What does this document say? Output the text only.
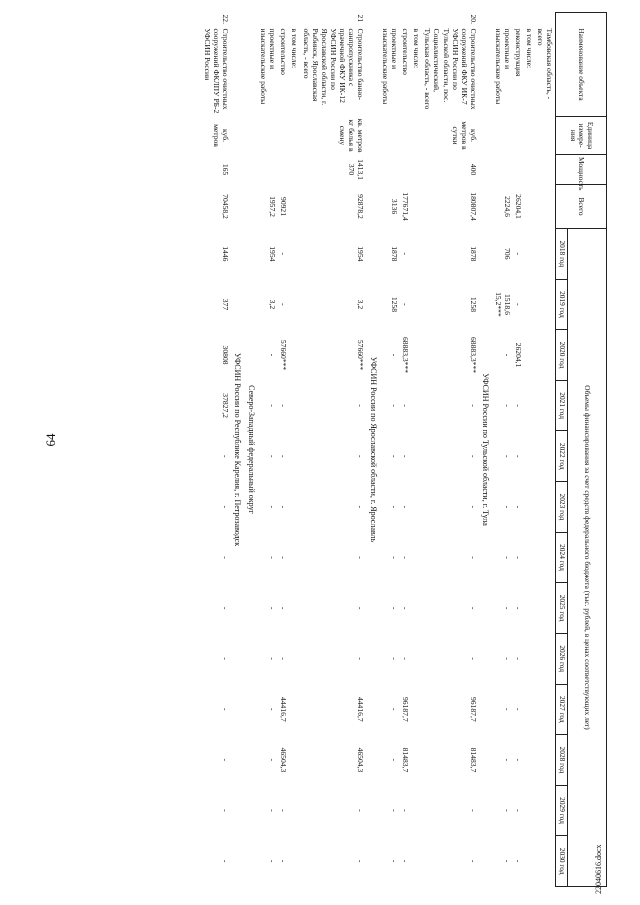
64
Наименование объекта		Единица измере-ния	Мощность	Всего	Объемы финансирования за счет средств федерального бюджета (тыс. рублей, в ценах соответствующих лет)												
					2018 год	2019 год	2020 год	2021 год	2022 год	2023 год	2024 год	2025 год	2026 год	2027 год	2028 год	2029 год	2030 год
	Тамбовская область, - всего																
	в том числе:																
	реконструкция			26204,1	-	-	26204,1	-	-	-	-	-	-	-	-	-	-
	проектные и изыскательские работы			2224,6	706	1518,6 15,2***	-	-	-	-	-	-	-	-	-	-	-
УФСИН России по Тульской области, г. Тула																	
20.	Строительство очистных сооружений ФКУ ИК-7 УФСИН России по Тульской области, пос. Социалистический, Тульская область, - всего	куб. метров в сутки	400	180807,4	1878	1258	68883,3***	-	-	-	-	-	-	96187,7	81483,7	-	-
	в том числе:																
	строительство			177671,4	-	-	68883,3***	-	-	-	-	-	-	96187,7	81483,7	-	-
	проектные и изыскательские работы			3136	1878	1258	-	-	-	-	-	-	-	-	-	-	-
УФСИН России по Ярославской области, г. Ярославль																	
21	Строительство банно-санпропускника с прачечной ФКУ ИК-12 УФСИН России по Ярославской области, г. Рыбинск, Ярославская область, - всего	кв. метров кг белья в смену	1413,1 370	92878,2	1954	3,2	57660***	-	-	-	-	-	-	44416,7	46504,3	-	-
	в том числе:																
	строительство			90921	-	-	57660***	-	-	-	-	-	-	44416,7	46504,3	-	-
	проектные и изыскательские работы			1957,2	1954	3,2	-	-	-	-	-	-	-	-	-	-	-
Северо-Западный федеральный округ																	
УФСИН России по Республике Карелия, г. Петрозаводск																	
22.	Строительство очистных сооружений ФКЛПУ РБ-2 УФСИН России	куб. метров	165	70458,2	1446	377	30808	37827,2	-	-	-	-	-	-	-	-	-	22040616.docx
